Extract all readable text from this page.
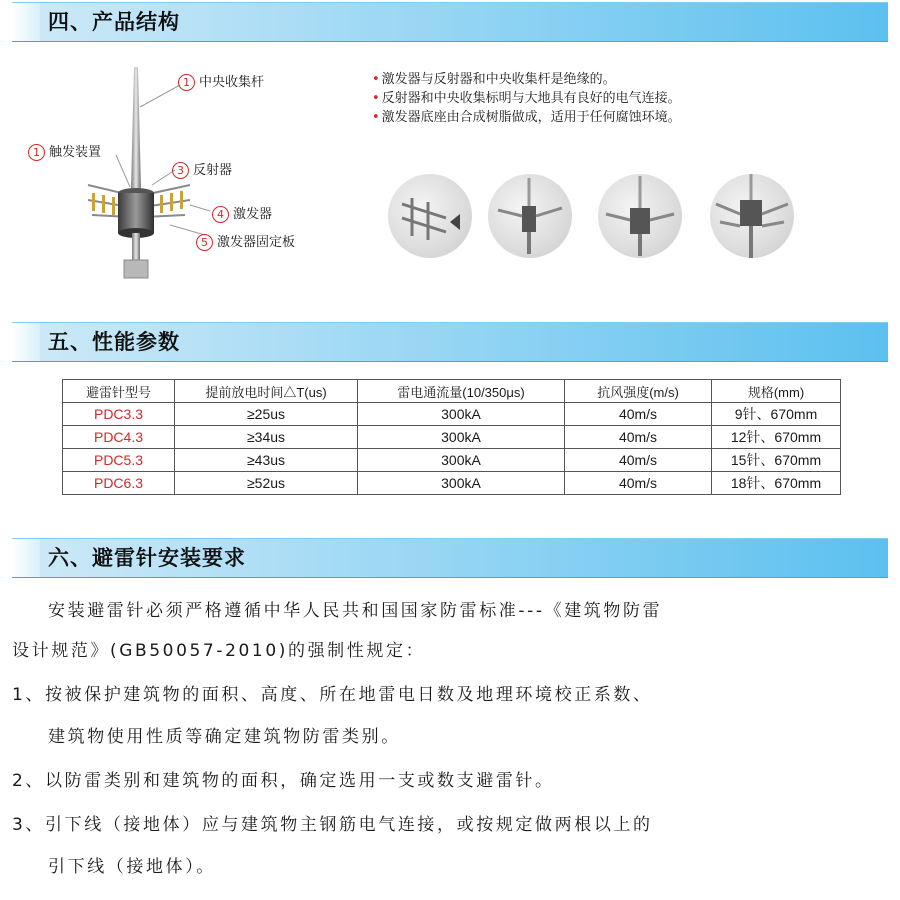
四、产品结构
1 中央收集杆
1 触发装置
3 反射器
4 激发器
5 激发器固定板
• 激发器与反射器和中央收集杆是绝缘的。
• 反射器和中央收集标明与大地具有良好的电气连接。
• 激发器底座由合成树脂做成，适用于任何腐蚀环境。
五、性能参数
避雷针型号	提前放电时间△T(us)	雷电通流量(10/350μs)	抗风强度(m/s)	规格(mm)
PDC3.3	≥25us	300kA	40m/s	9针、670mm
PDC4.3	≥34us	300kA	40m/s	12针、670mm
PDC5.3	≥43us	300kA	40m/s	15针、670mm
PDC6.3	≥52us	300kA	40m/s	18针、670mm
六、避雷针安装要求
安装避雷针必须严格遵循中华人民共和国国家防雷标准---《建筑物防雷
设计规范》(GB50057-2010)的强制性规定：
1、按被保护建筑物的面积、高度、所在地雷电日数及地理环境校正系数、
建筑物使用性质等确定建筑物防雷类别。
2、以防雷类别和建筑物的面积，确定选用一支或数支避雷针。
3、引下线（接地体）应与建筑物主钢筋电气连接，或按规定做两根以上的
引下线（接地体）。
